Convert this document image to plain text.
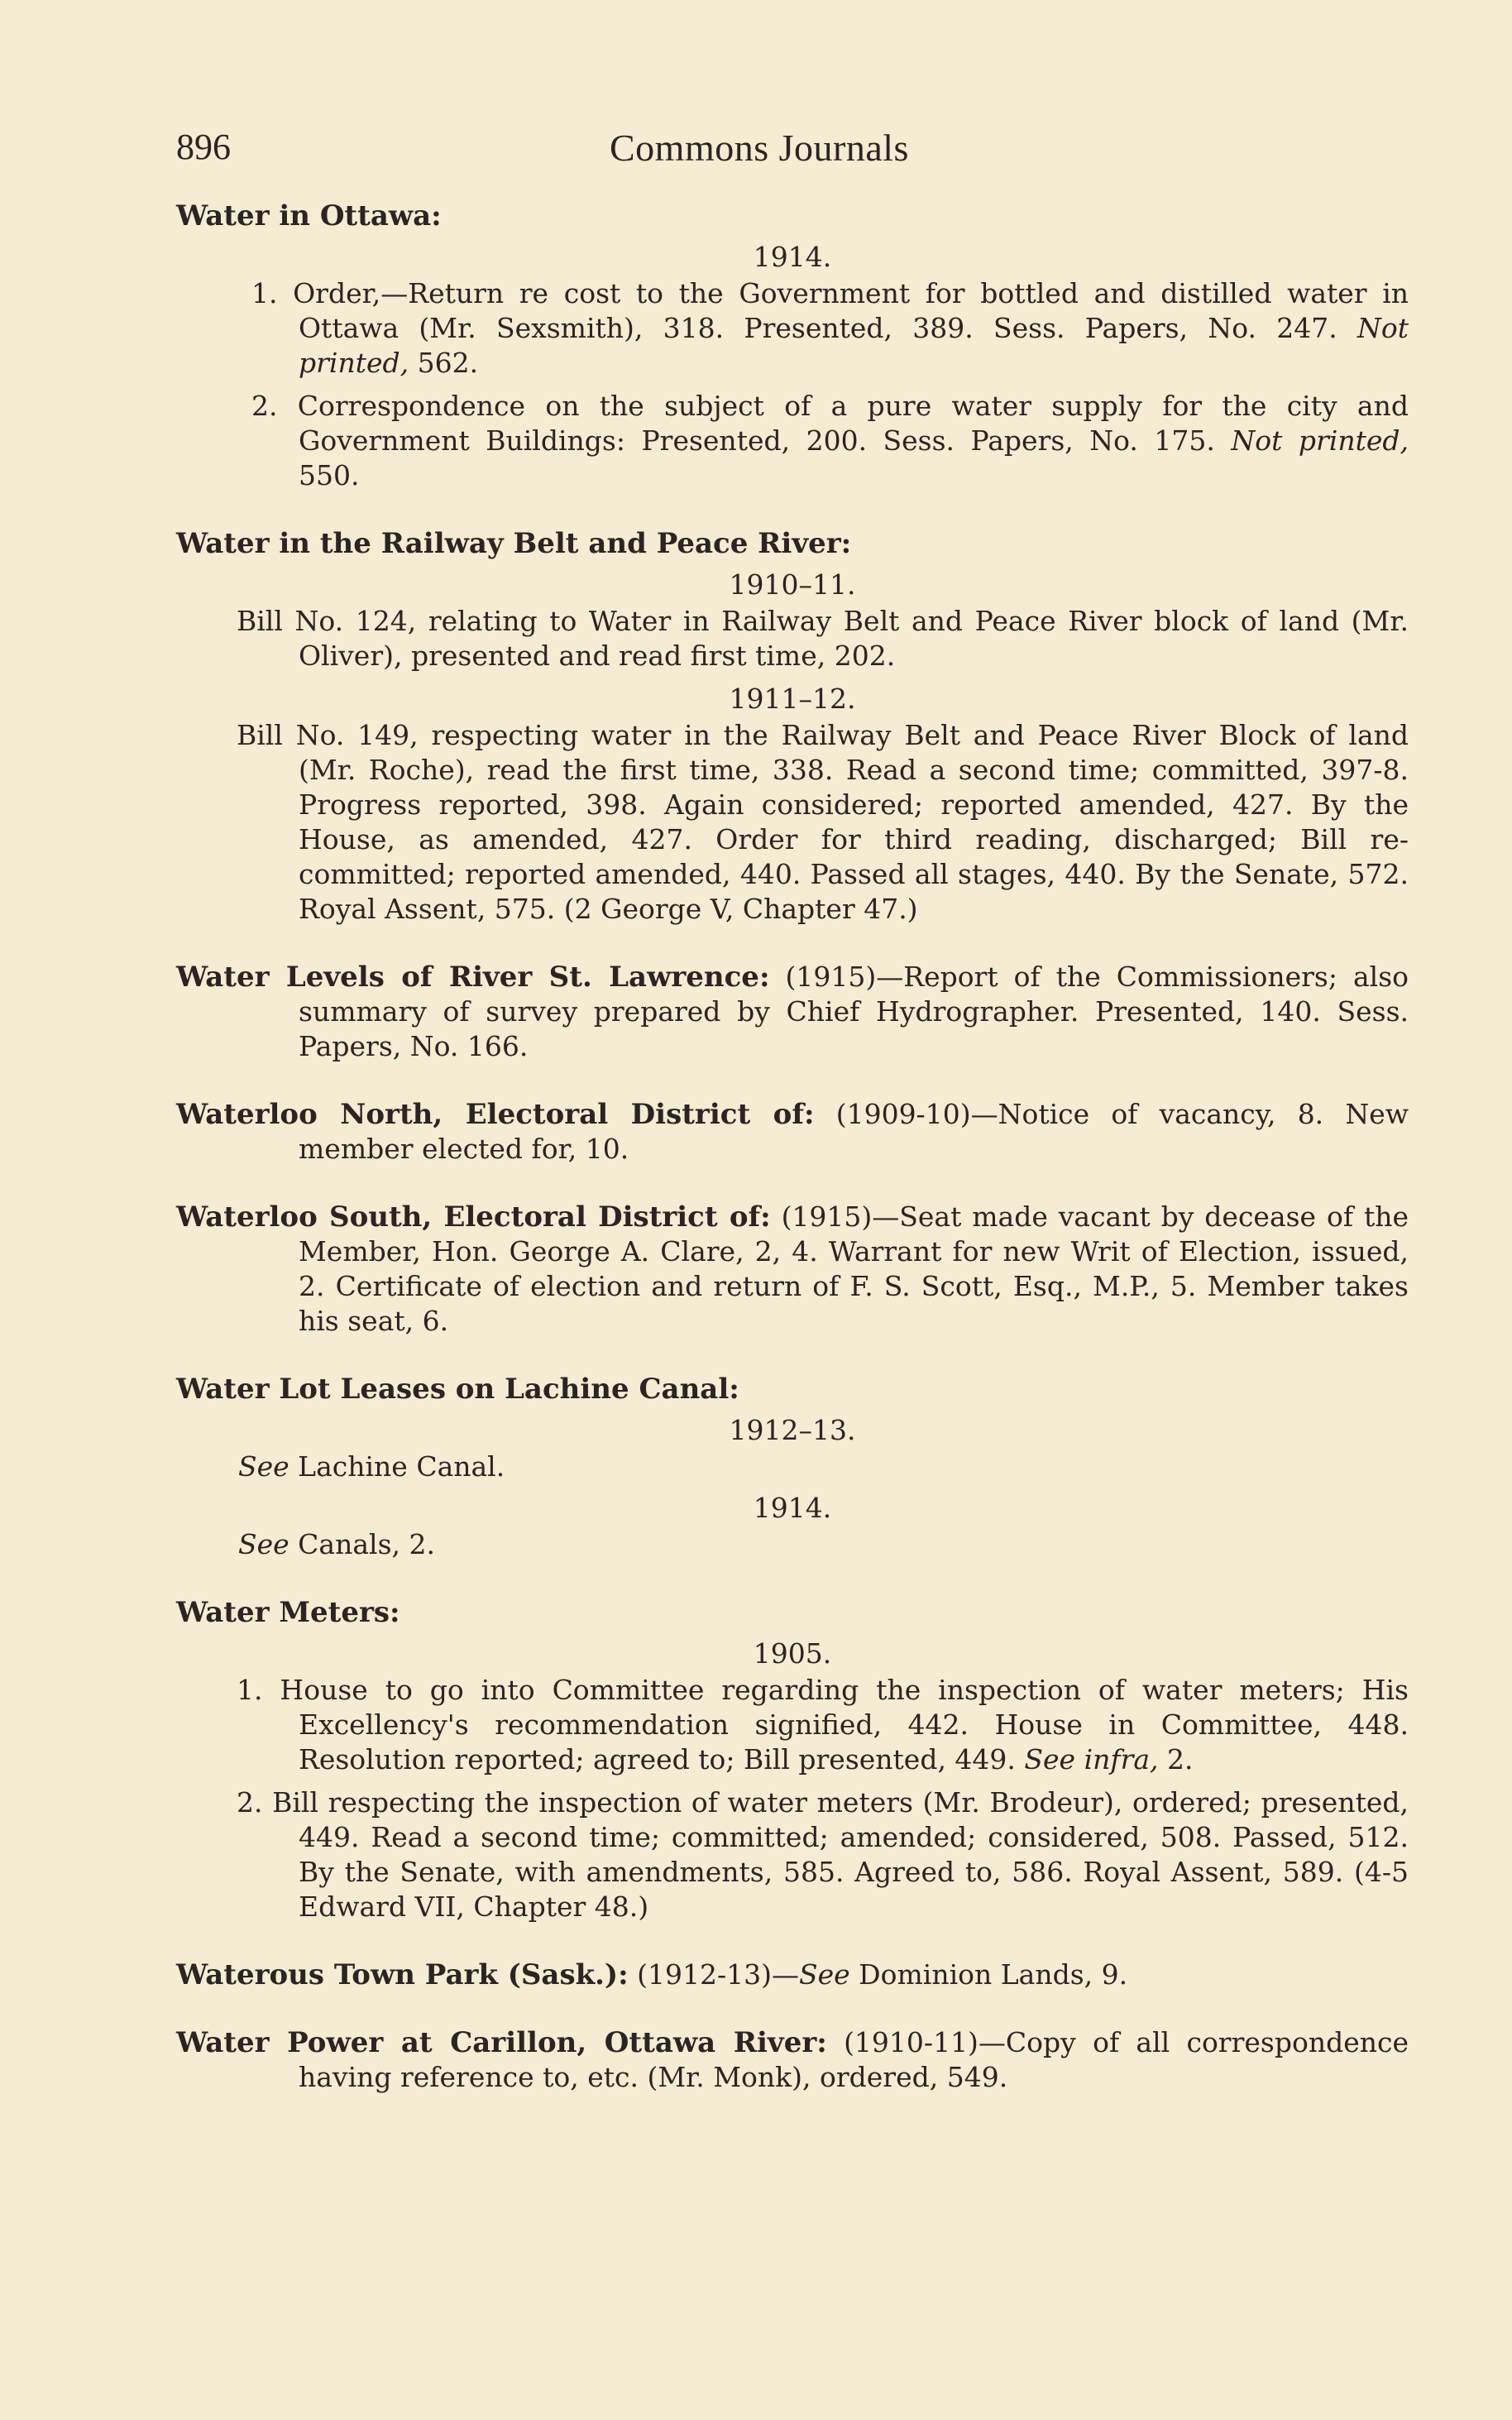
896	Commons Journals
Water in Ottawa:
1914.
1. Order,—Return re cost to the Government for bottled and distilled water in Ottawa (Mr. Sexsmith), 318. Presented, 389. Sess. Papers, No. 247. Not printed, 562.
2. Correspondence on the subject of a pure water supply for the city and Government Buildings: Presented, 200. Sess. Papers, No. 175. Not printed, 550.
Water in the Railway Belt and Peace River:
1910–11.
Bill No. 124, relating to Water in Railway Belt and Peace River block of land (Mr. Oliver), presented and read first time, 202.
1911–12.
Bill No. 149, respecting water in the Railway Belt and Peace River Block of land (Mr. Roche), read the first time, 338. Read a second time; committed, 397-8. Progress reported, 398. Again considered; reported amended, 427. By the House, as amended, 427. Order for third reading, discharged; Bill re-committed; reported amended, 440. Passed all stages, 440. By the Senate, 572. Royal Assent, 575. (2 George V, Chapter 47.)
Water Levels of River St. Lawrence: (1915)—Report of the Commissioners; also summary of survey prepared by Chief Hydrographer. Presented, 140. Sess. Papers, No. 166.
Waterloo North, Electoral District of: (1909-10)—Notice of vacancy, 8. New member elected for, 10.
Waterloo South, Electoral District of: (1915)—Seat made vacant by decease of the Member, Hon. George A. Clare, 2, 4. Warrant for new Writ of Election, issued, 2. Certificate of election and return of F. S. Scott, Esq., M.P., 5. Member takes his seat, 6.
Water Lot Leases on Lachine Canal:
1912–13.
See Lachine Canal.
1914.
See Canals, 2.
Water Meters:
1905.
1. House to go into Committee regarding the inspection of water meters; His Excellency's recommendation signified, 442. House in Committee, 448. Resolution reported; agreed to; Bill presented, 449. See infra, 2.
2. Bill respecting the inspection of water meters (Mr. Brodeur), ordered; presented, 449. Read a second time; committed; amended; considered, 508. Passed, 512. By the Senate, with amendments, 585. Agreed to, 586. Royal Assent, 589. (4-5 Edward VII, Chapter 48.)
Waterous Town Park (Sask.): (1912-13)—See Dominion Lands, 9.
Water Power at Carillon, Ottawa River: (1910-11)—Copy of all correspondence having reference to, etc. (Mr. Monk), ordered, 549.
